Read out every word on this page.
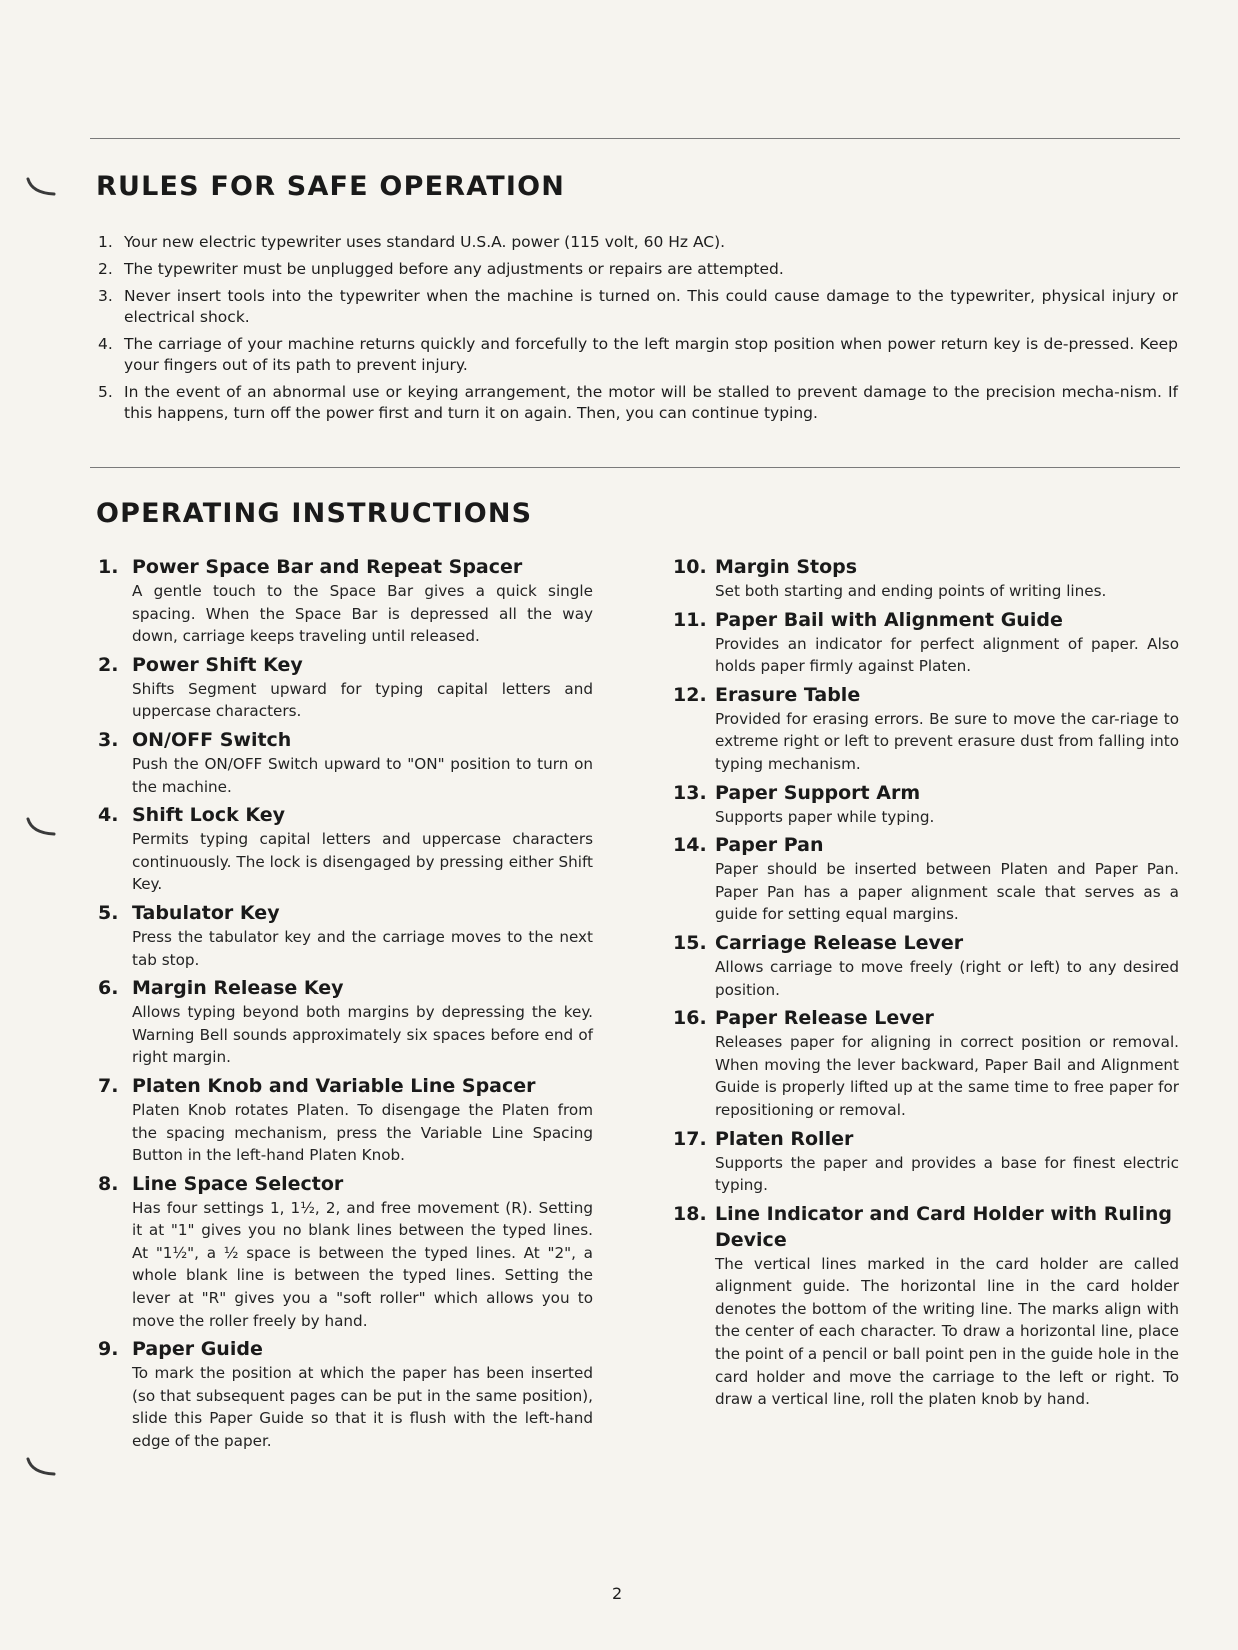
RULES FOR SAFE OPERATION
1. Your new electric typewriter uses standard U.S.A. power (115 volt, 60 Hz AC).
2. The typewriter must be unplugged before any adjustments or repairs are attempted.
3. Never insert tools into the typewriter when the machine is turned on. This could cause damage to the typewriter, physical injury or electrical shock.
4. The carriage of your machine returns quickly and forcefully to the left margin stop position when power return key is de-pressed. Keep your fingers out of its path to prevent injury.
5. In the event of an abnormal use or keying arrangement, the motor will be stalled to prevent damage to the precision mecha-nism. If this happens, turn off the power first and turn it on again. Then, you can continue typing.
OPERATING INSTRUCTIONS
1. Power Space Bar and Repeat Spacer
A gentle touch to the Space Bar gives a quick single spacing. When the Space Bar is depressed all the way down, carriage keeps traveling until released.
2. Power Shift Key
Shifts Segment upward for typing capital letters and uppercase characters.
3. ON/OFF Switch
Push the ON/OFF Switch upward to "ON" position to turn on the machine.
4. Shift Lock Key
Permits typing capital letters and uppercase characters continuously. The lock is disengaged by pressing either Shift Key.
5. Tabulator Key
Press the tabulator key and the carriage moves to the next tab stop.
6. Margin Release Key
Allows typing beyond both margins by depressing the key. Warning Bell sounds approximately six spaces before end of right margin.
7. Platen Knob and Variable Line Spacer
Platen Knob rotates Platen. To disengage the Platen from the spacing mechanism, press the Variable Line Spacing Button in the left-hand Platen Knob.
8. Line Space Selector
Has four settings 1, 1½, 2, and free movement (R). Setting it at "1" gives you no blank lines between the typed lines. At "1½", a ½ space is between the typed lines. At "2", a whole blank line is between the typed lines. Setting the lever at "R" gives you a "soft roller" which allows you to move the roller freely by hand.
9. Paper Guide
To mark the position at which the paper has been inserted (so that subsequent pages can be put in the same position), slide this Paper Guide so that it is flush with the left-hand edge of the paper.
10. Margin Stops
Set both starting and ending points of writing lines.
11. Paper Bail with Alignment Guide
Provides an indicator for perfect alignment of paper. Also holds paper firmly against Platen.
12. Erasure Table
Provided for erasing errors. Be sure to move the car-riage to extreme right or left to prevent erasure dust from falling into typing mechanism.
13. Paper Support Arm
Supports paper while typing.
14. Paper Pan
Paper should be inserted between Platen and Paper Pan. Paper Pan has a paper alignment scale that serves as a guide for setting equal margins.
15. Carriage Release Lever
Allows carriage to move freely (right or left) to any desired position.
16. Paper Release Lever
Releases paper for aligning in correct position or removal. When moving the lever backward, Paper Bail and Alignment Guide is properly lifted up at the same time to free paper for repositioning or removal.
17. Platen Roller
Supports the paper and provides a base for finest electric typing.
18. Line Indicator and Card Holder with Ruling Device
The vertical lines marked in the card holder are called alignment guide. The horizontal line in the card holder denotes the bottom of the writing line. The marks align with the center of each character. To draw a horizontal line, place the point of a pencil or ball point pen in the guide hole in the card holder and move the carriage to the left or right. To draw a vertical line, roll the platen knob by hand.
2
